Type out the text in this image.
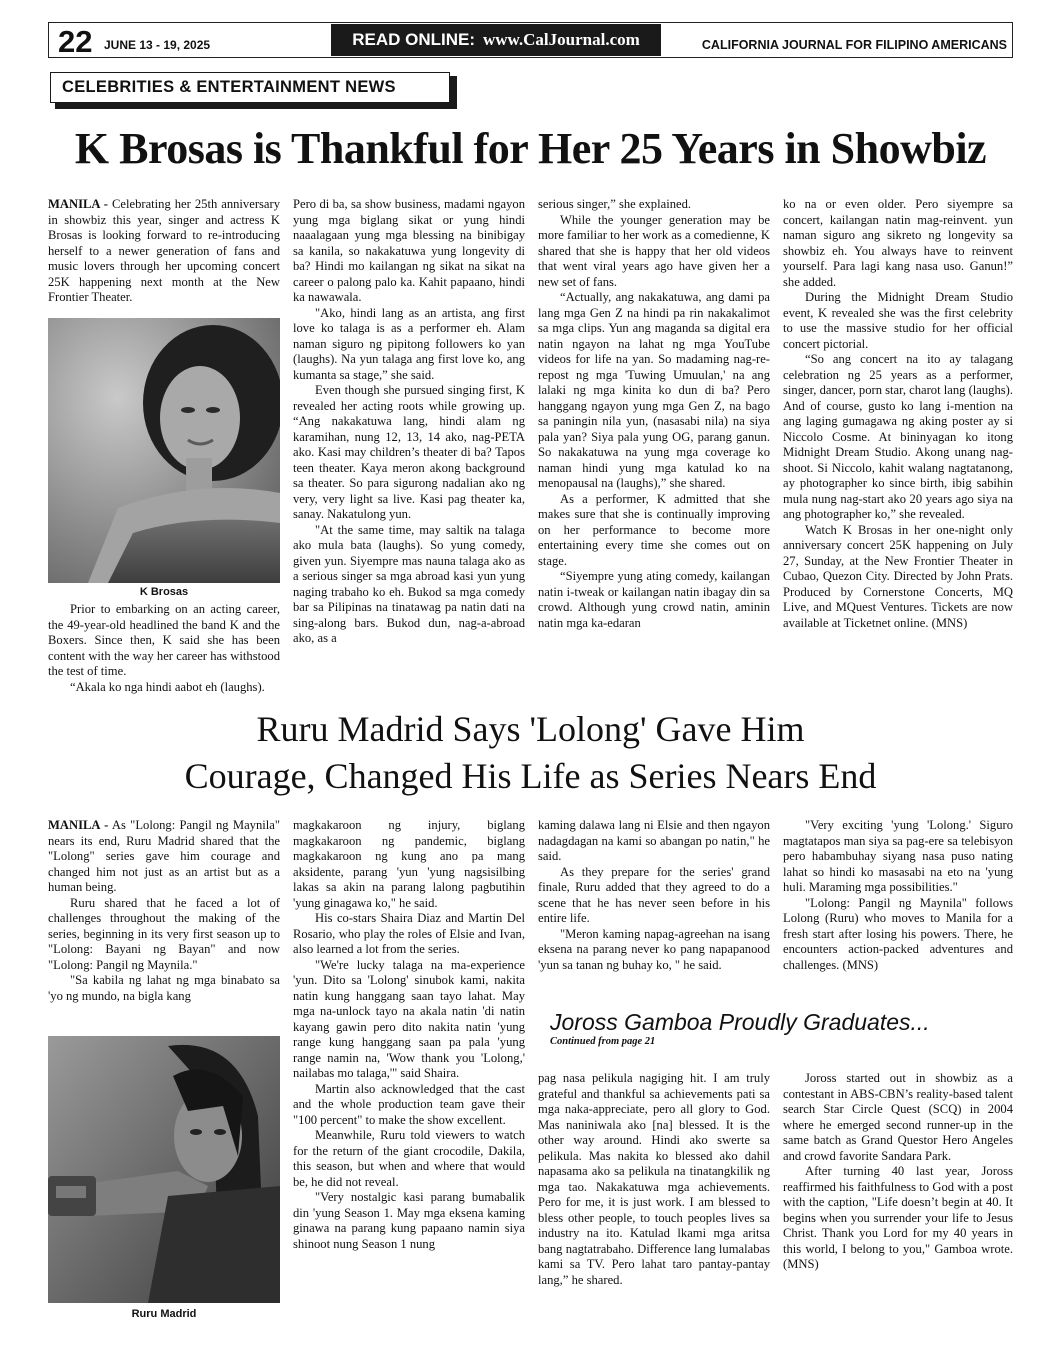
22 JUNE 13 - 19, 2025	READ ONLINE: www.CalJournal.com	CALIFORNIA JOURNAL FOR FILIPINO AMERICANS
CELEBRITIES & ENTERTAINMENT NEWS
K Brosas is Thankful for Her 25 Years in Showbiz

MANILA - Celebrating her 25th anniversary in showbiz this year, singer and actress K Brosas is looking forward to re-introducing herself to a newer generation of fans and music lovers through her upcoming concert 25K happening next month at the New Frontier Theater.

K Brosas

Prior to embarking on an acting career, the 49-year-old headlined the band K and the Boxers. Since then, K said she has been content with the way her career has withstood the test of time.

“Akala ko nga hindi aabot eh (laughs).

Pero di ba, sa show business, madami ngayon yung mga biglang sikat or yung hindi naaalagaan yung mga blessing na binibigay sa kanila, so nakakatuwa yung longevity di ba? Hindi mo kailangan ng sikat na sikat na career o palong palo ka. Kahit papaano, hindi ka nawawala.

"Ako, hindi lang as an artista, ang first love ko talaga is as a performer eh. Alam naman siguro ng pipitong followers ko yan (laughs). Na yun talaga ang first love ko, ang kumanta sa stage,” she said.

Even though she pursued singing first, K revealed her acting roots while growing up. “Ang nakakatuwa lang, hindi alam ng karamihan, nung 12, 13, 14 ako, nag-PETA ako. Kasi may children’s theater di ba? Tapos teen theater. Kaya meron akong background sa theater. So para sigurong nadalian ako ng very, very light sa live. Kasi pag theater ka, sanay. Nakatulong yun.

"At the same time, may saltik na talaga ako mula bata (laughs). So yung comedy, given yun. Siyempre mas nauna talaga ako as a serious singer sa mga abroad kasi yun yung naging trabaho ko eh. Bukod sa mga comedy bar sa Pilipinas na tinatawag pa natin dati na sing-along bars. Bukod dun, nag-a-abroad ako, as a

serious singer,” she explained.

While the younger generation may be more familiar to her work as a comedienne, K shared that she is happy that her old videos that went viral years ago have given her a new set of fans.

“Actually, ang nakakatuwa, ang dami pa lang mga Gen Z na hindi pa rin nakakalimot sa mga clips. Yun ang maganda sa digital era natin ngayon na lahat ng mga YouTube videos for life na yan. So madaming nag-re-repost ng mga 'Tuwing Umuulan,' na ang lalaki ng mga kinita ko dun di ba? Pero hanggang ngayon yung mga Gen Z, na bago sa paningin nila yun, (nasasabi nila) na siya pala yan? Siya pala yung OG, parang ganun. So nakakatuwa na yung mga coverage ko naman hindi yung mga katulad ko na menopausal na (laughs),” she shared.

As a performer, K admitted that she makes sure that she is continually improving on her performance to become more entertaining every time she comes out on stage.

“Siyempre yung ating comedy, kailangan natin i-tweak or kailangan natin ibagay din sa crowd. Although yung crowd natin, aminin natin mga ka-edaran

ko na or even older. Pero siyempre sa concert, kailangan natin mag-reinvent. yun naman siguro ang sikreto ng longevity sa showbiz eh. You always have to reinvent yourself. Para lagi kang nasa uso. Ganun!” she added.

During the Midnight Dream Studio event, K revealed she was the first celebrity to use the massive studio for her official concert pictorial.

“So ang concert na ito ay talagang celebration ng 25 years as a performer, singer, dancer, porn star, charot lang (laughs). And of course, gusto ko lang i-mention na ang laging gumagawa ng aking poster ay si Niccolo Cosme. At bininyagan ko itong Midnight Dream Studio. Akong unang nag-shoot. Si Niccolo, kahit walang nagtatanong, ay photographer ko since birth, ibig sabihin mula nung nag-start ako 20 years ago siya na ang photographer ko,” she revealed.

Watch K Brosas in her one-night only anniversary concert 25K happening on July 27, Sunday, at the New Frontier Theater in Cubao, Quezon City. Directed by John Prats. Produced by Cornerstone Concerts, MQ Live, and MQuest Ventures. Tickets are now available at Ticketnet online. (MNS)

Ruru Madrid Says 'Lolong' Gave Him
Courage, Changed His Life as Series Nears End

MANILA - As "Lolong: Pangil ng Maynila" nears its end, Ruru Madrid shared that the "Lolong" series gave him courage and changed him not just as an artist but as a human being.

Ruru shared that he faced a lot of challenges throughout the making of the series, beginning in its very first season up to "Lolong: Bayani ng Bayan" and now "Lolong: Pangil ng Maynila."

"Sa kabila ng lahat ng mga binabato sa 'yo ng mundo, na bigla kang

Ruru Madrid

magkakaroon ng injury, biglang magkakaroon ng pandemic, biglang magkakaroon ng kung ano pa mang aksidente, parang 'yun 'yung nagsisilbing lakas sa akin na parang lalong pagbutihin 'yung ginagawa ko," he said.

His co-stars Shaira Diaz and Martin Del Rosario, who play the roles of Elsie and Ivan, also learned a lot from the series.

"We're lucky talaga na ma-experience 'yun. Dito sa 'Lolong' sinubok kami, nakita natin kung hanggang saan tayo lahat. May mga na-unlock tayo na akala natin 'di natin kayang gawin pero dito nakita natin 'yung range kung hanggang saan pa pala 'yung range namin na, 'Wow thank you 'Lolong,' nailabas mo talaga,'" said Shaira.

Martin also acknowledged that the cast and the whole production team gave their "100 percent" to make the show excellent.

Meanwhile, Ruru told viewers to watch for the return of the giant crocodile, Dakila, this season, but when and where that would be, he did not reveal.

"Very nostalgic kasi parang bumabalik din 'yung Season 1. May mga eksena kaming ginawa na parang kung papaano namin siya shinoot nung Season 1 nung

kaming dalawa lang ni Elsie and then ngayon nadagdagan na kami so abangan po natin," he said.

As they prepare for the series' grand finale, Ruru added that they agreed to do a scene that he has never seen before in his entire life.

"Meron kaming napag-agreehan na isang eksena na parang never ko pang napapanood 'yun sa tanan ng buhay ko, " he said.

"Very exciting 'yung 'Lolong.' Siguro magtatapos man siya sa pag-ere sa telebisyon pero habambuhay siyang nasa puso nating lahat so hindi ko masasabi na eto na 'yung huli. Maraming mga possibilities."

"Lolong: Pangil ng Maynila" follows Lolong (Ruru) who moves to Manila for a fresh start after losing his powers. There, he encounters action-packed adventures and challenges. (MNS)

Joross Gamboa Proudly Graduates...
Continued from page 21

pag nasa pelikula nagiging hit. I am truly grateful and thankful sa achievements pati sa mga naka-appreciate, pero all glory to God. Mas naniniwala ako [na] blessed. It is the other way around. Hindi ako swerte sa pelikula. Mas nakita ko blessed ako dahil napasama ako sa pelikula na tinatangkilik ng mga tao. Nakakatuwa mga achievements. Pero for me, it is just work. I am blessed to bless other people, to touch peoples lives sa industry na ito. Katulad lkami mga aritsa bang nagtatrabaho. Difference lang lumalabas kami sa TV. Pero lahat taro pantay-pantay lang,” he shared.

Joross started out in showbiz as a contestant in ABS-CBN’s reality-based talent search Star Circle Quest (SCQ) in 2004 where he emerged second runner-up in the same batch as Grand Questor Hero Angeles and crowd favorite Sandara Park.

After turning 40 last year, Joross reaffirmed his faithfulness to God with a post with the caption, "Life doesn’t begin at 40. It begins when you surrender your life to Jesus Christ. Thank you Lord for my 40 years in this world, I belong to you," Gamboa wrote. (MNS)
